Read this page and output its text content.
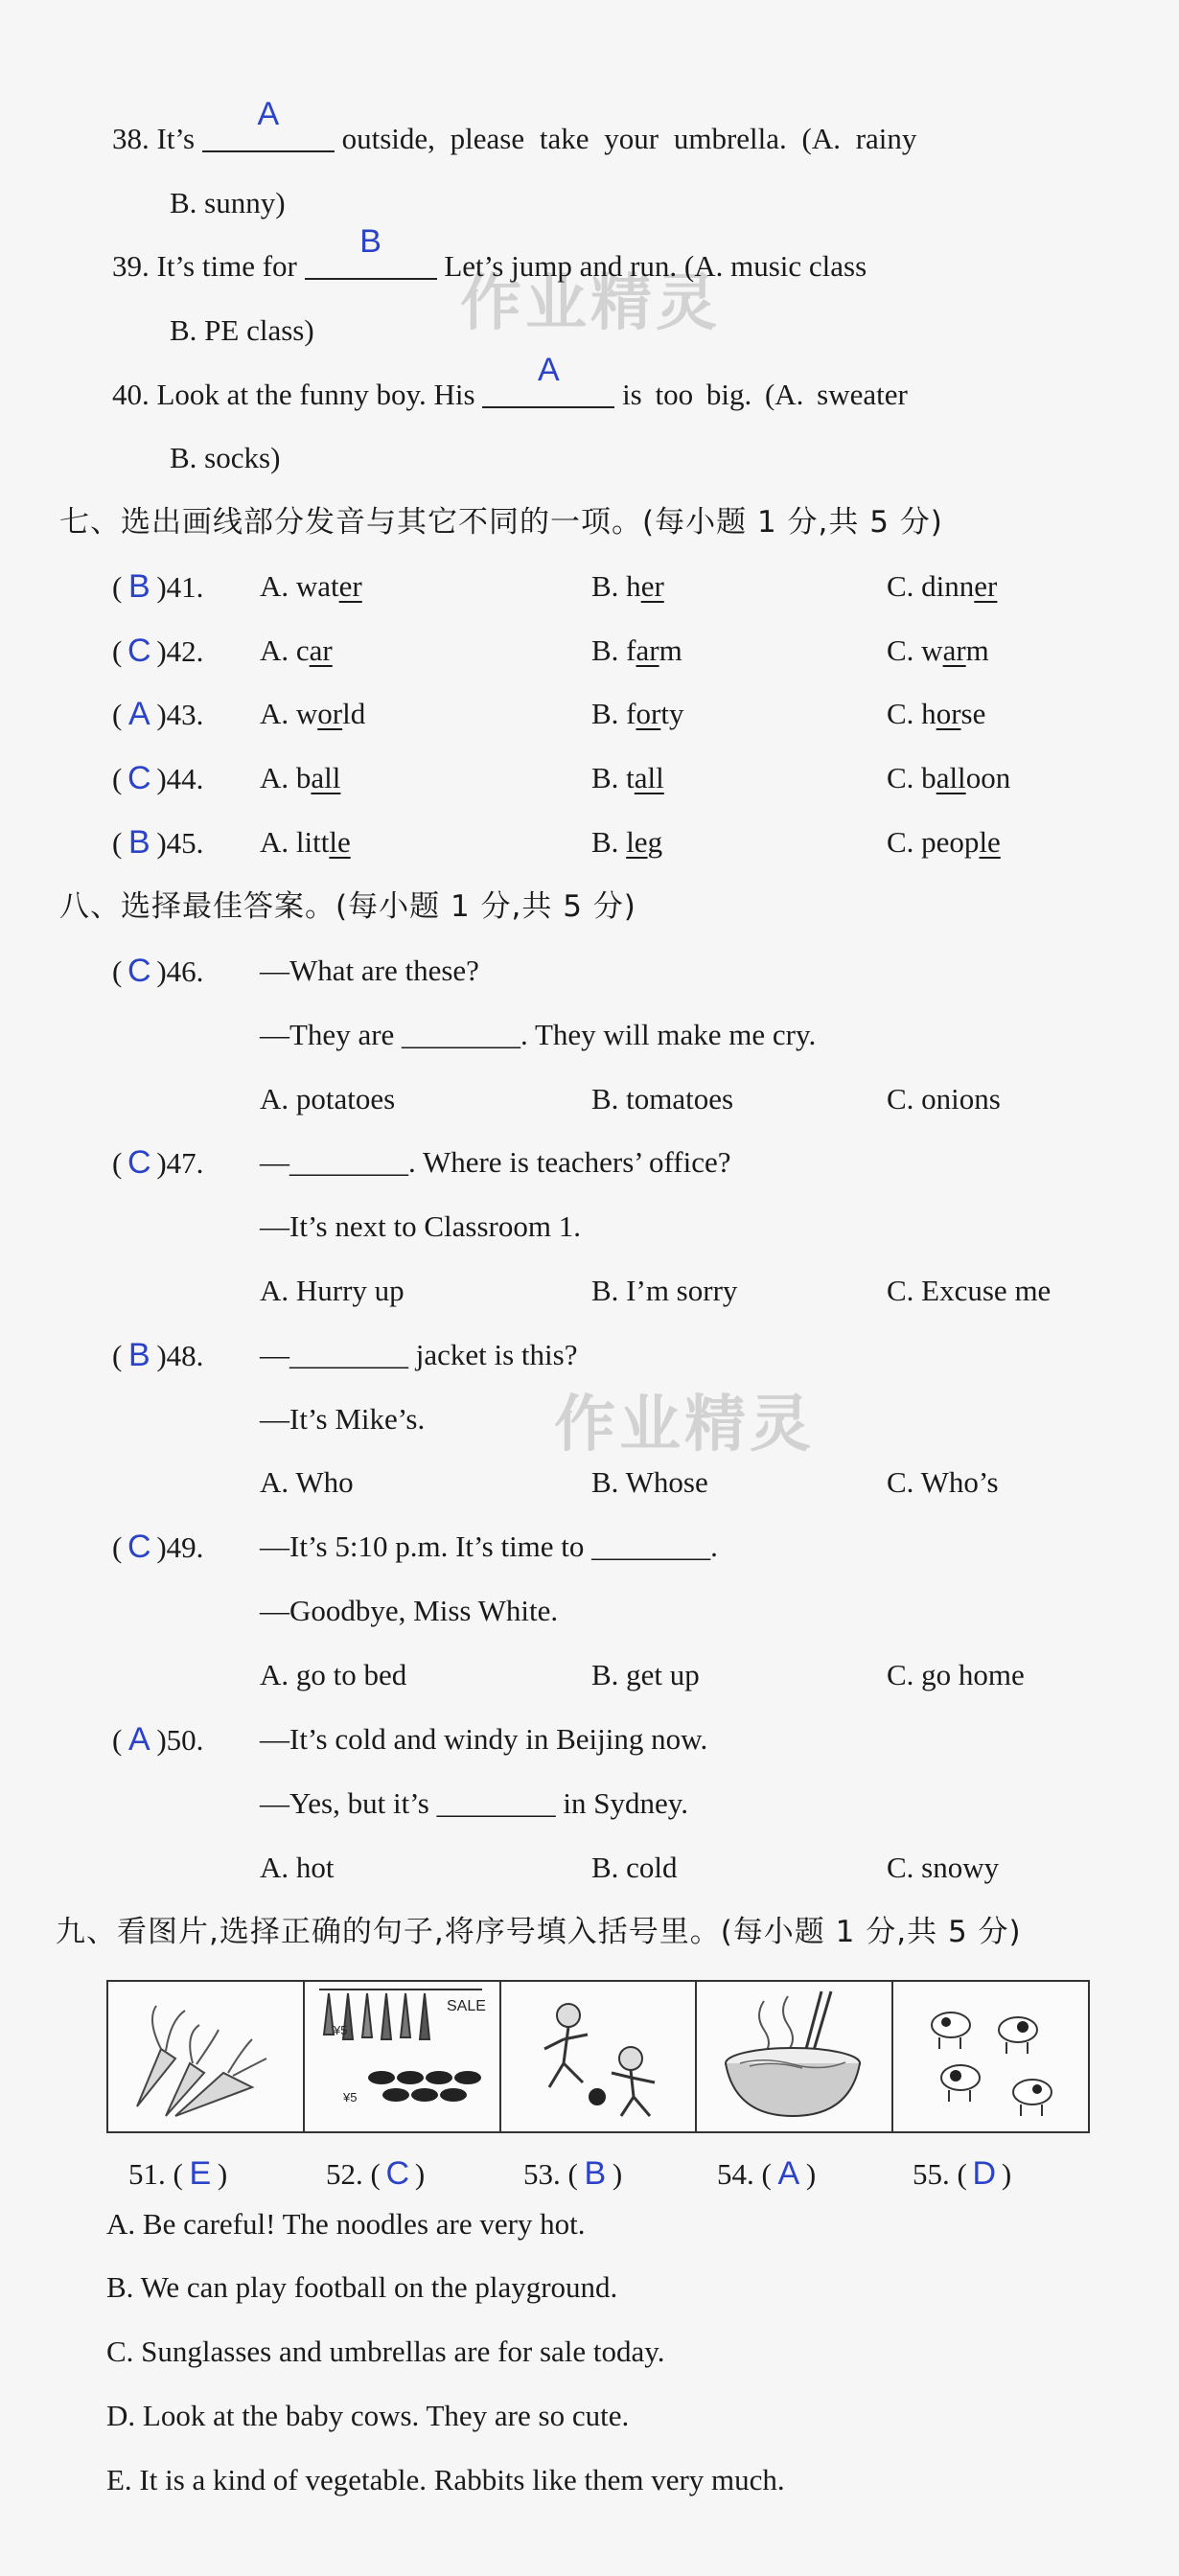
作业精灵
作业精灵
38. It’s
A
outside, please take your umbrella. (A. rainy
B. sunny)
39. It’s time for
B
Let’s jump and run. (A. music class
B. PE class)
40. Look at the funny boy. His
A
is too big. (A. sweater
B. socks)
七、选出画线部分发音与其它不同的一项。(每小题 1 分,共 5 分)
( B )41. A. water	B. her	C. dinner
( C )42. A. car	B. farm	C. warm
( A )43. A. world	B. forty	C. horse
( C )44. A. ball	B. tall	C. balloon
( B )45. A. little	B. leg	C. people
八、选择最佳答案。(每小题 1 分,共 5 分)
( C )46. —What are these?
—They are ________. They will make me cry.
A. potatoes	B. tomatoes	C. onions
( C )47. —________. Where is teachers’ office?
—It’s next to Classroom 1.
A. Hurry up	B. I’m sorry	C. Excuse me
( B )48. —________ jacket is this?
—It’s Mike’s.
A. Who	B. Whose	C. Who’s
( C )49. —It’s 5:10 p.m. It’s time to ________.
—Goodbye, Miss White.
A. go to bed	B. get up	C. go home
( A )50. —It’s cold and windy in Beijing now.
—Yes, but it’s ________ in Sydney.
A. hot	B. cold	C. snowy
九、看图片,选择正确的句子,将序号填入括号里。(每小题 1 分,共 5 分)
SALE
¥5
¥5
51. ( E )	52. ( C )	53. ( B )	54. ( A )	55. ( D )
A. Be careful! The noodles are very hot.
B. We can play football on the playground.
C. Sunglasses and umbrellas are for sale today.
D. Look at the baby cows. They are so cute.
E. It is a kind of vegetable. Rabbits like them very much.
